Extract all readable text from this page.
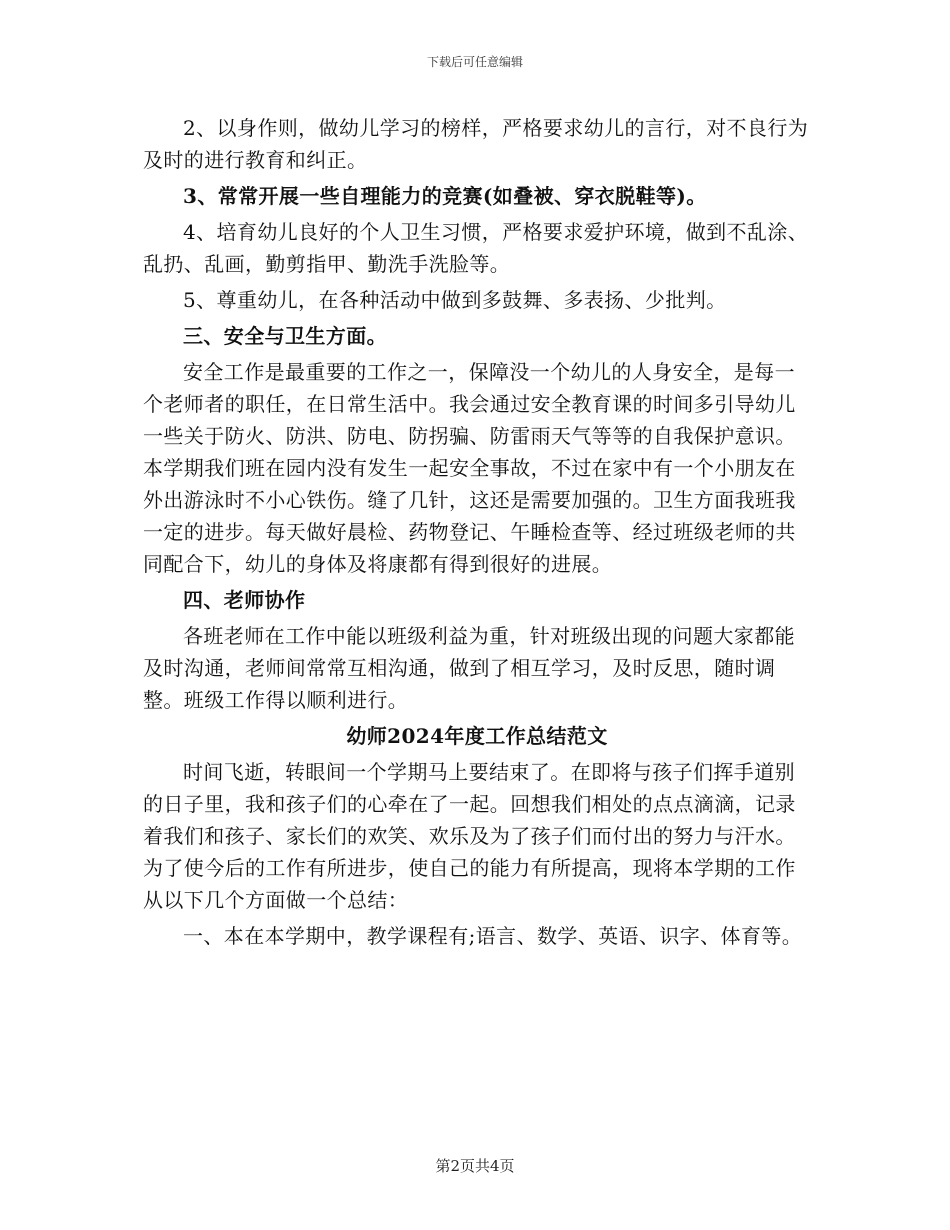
下载后可任意编辑

2、以身作则，做幼儿学习的榜样，严格要求幼儿的言行，对不良行为及时的进行教育和纠正。

3、常常开展一些自理能力的竞赛(如叠被、穿衣脱鞋等)。

4、培育幼儿良好的个人卫生习惯，严格要求爱护环境，做到不乱涂、乱扔、乱画，勤剪指甲、勤洗手洗脸等。

5、尊重幼儿，在各种活动中做到多鼓舞、多表扬、少批判。

三、安全与卫生方面。

安全工作是最重要的工作之一，保障没一个幼儿的人身安全，是每一个老师者的职任，在日常生活中。我会通过安全教育课的时间多引导幼儿一些关于防火、防洪、防电、防拐骗、防雷雨天气等等的自我保护意识。本学期我们班在园内没有发生一起安全事故，不过在家中有一个小朋友在外出游泳时不小心铁伤。缝了几针，这还是需要加强的。卫生方面我班我一定的进步。每天做好晨检、药物登记、午睡检查等、经过班级老师的共同配合下，幼儿的身体及将康都有得到很好的进展。

四、老师协作

各班老师在工作中能以班级利益为重，针对班级出现的问题大家都能及时沟通，老师间常常互相沟通，做到了相互学习，及时反思，随时调整。班级工作得以顺利进行。

幼师2024年度工作总结范文

时间飞逝，转眼间一个学期马上要结束了。在即将与孩子们挥手道别的日子里，我和孩子们的心牵在了一起。回想我们相处的点点滴滴，记录着我们和孩子、家长们的欢笑、欢乐及为了孩子们而付出的努力与汗水。为了使今后的工作有所进步，使自己的能力有所提高，现将本学期的工作从以下几个方面做一个总结：

一、本在本学期中，教学课程有;语言、数学、英语、识字、体育等。

第2页共4页
